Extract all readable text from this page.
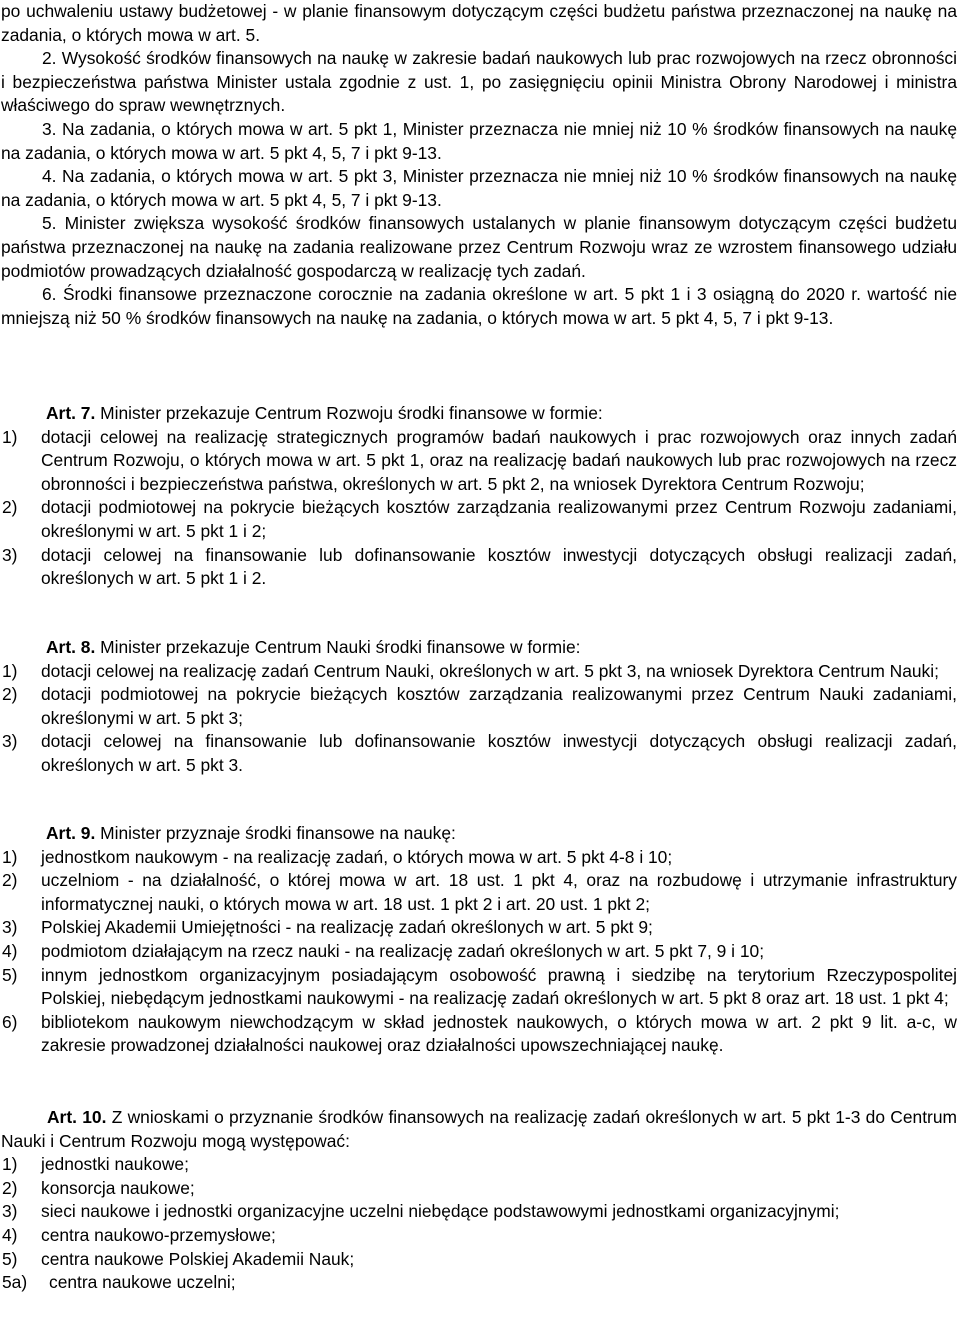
po uchwaleniu ustawy budżetowej - w planie finansowym dotyczącym części budżetu państwa przeznaczonej na naukę na zadania, o których mowa w art. 5.

2. Wysokość środków finansowych na naukę w zakresie badań naukowych lub prac rozwojowych na rzecz obronności i bezpieczeństwa państwa Minister ustala zgodnie z ust. 1, po zasięgnięciu opinii Ministra Obrony Narodowej i ministra właściwego do spraw wewnętrznych.

3. Na zadania, o których mowa w art. 5 pkt 1, Minister przeznacza nie mniej niż 10 % środków finansowych na naukę na zadania, o których mowa w art. 5 pkt 4, 5, 7 i pkt 9-13.

4. Na zadania, o których mowa w art. 5 pkt 3, Minister przeznacza nie mniej niż 10 % środków finansowych na naukę na zadania, o których mowa w art. 5 pkt 4, 5, 7 i pkt 9-13.

5. Minister zwiększa wysokość środków finansowych ustalanych w planie finansowym dotyczącym części budżetu państwa przeznaczonej na naukę na zadania realizowane przez Centrum Rozwoju wraz ze wzrostem finansowego udziału podmiotów prowadzących działalność gospodarczą w realizację tych zadań.

6. Środki finansowe przeznaczone corocznie na zadania określone w art. 5 pkt 1 i 3 osiągną do 2020 r. wartość nie mniejszą niż 50 % środków finansowych na naukę na zadania, o których mowa w art. 5 pkt 4, 5, 7 i pkt 9-13.

Art. 7. Minister przekazuje Centrum Rozwoju środki finansowe w formie:

1)	dotacji celowej na realizację strategicznych programów badań naukowych i prac rozwojowych oraz innych zadań Centrum Rozwoju, o których mowa w art. 5 pkt 1, oraz na realizację badań naukowych lub prac rozwojowych na rzecz obronności i bezpieczeństwa państwa, określonych w art. 5 pkt 2, na wniosek Dyrektora Centrum Rozwoju;
2)	dotacji podmiotowej na pokrycie bieżących kosztów zarządzania realizowanymi przez Centrum Rozwoju zadaniami, określonymi w art. 5 pkt 1 i 2;
3)	dotacji celowej na finansowanie lub dofinansowanie kosztów inwestycji dotyczących obsługi realizacji zadań, określonych w art. 5 pkt 1 i 2.

Art. 8. Minister przekazuje Centrum Nauki środki finansowe w formie:

1)	dotacji celowej na realizację zadań Centrum Nauki, określonych w art. 5 pkt 3, na wniosek Dyrektora Centrum Nauki;
2)	dotacji podmiotowej na pokrycie bieżących kosztów zarządzania realizowanymi przez Centrum Nauki zadaniami, określonymi w art. 5 pkt 3;
3)	dotacji celowej na finansowanie lub dofinansowanie kosztów inwestycji dotyczących obsługi realizacji zadań, określonych w art. 5 pkt 3.

Art. 9. Minister przyznaje środki finansowe na naukę:

1)	jednostkom naukowym - na realizację zadań, o których mowa w art. 5 pkt 4-8 i 10;
2)	uczelniom - na działalność, o której mowa w art. 18 ust. 1 pkt 4, oraz na rozbudowę i utrzymanie infrastruktury informatycznej nauki, o których mowa w art. 18 ust. 1 pkt 2 i art. 20 ust. 1 pkt 2;
3)	Polskiej Akademii Umiejętności - na realizację zadań określonych w art. 5 pkt 9;
4)	podmiotom działającym na rzecz nauki - na realizację zadań określonych w art. 5 pkt 7, 9 i 10;
5)	innym jednostkom organizacyjnym posiadającym osobowość prawną i siedzibę na terytorium Rzeczypospolitej Polskiej, niebędącym jednostkami naukowymi - na realizację zadań określonych w art. 5 pkt 8 oraz art. 18 ust. 1 pkt 4;
6)	bibliotekom naukowym niewchodzącym w skład jednostek naukowych, o których mowa w art. 2 pkt 9 lit. a-c, w zakresie prowadzonej działalności naukowej oraz działalności upowszechniającej naukę.

Art. 10. Z wnioskami o przyznanie środków finansowych na realizację zadań określonych w art. 5 pkt 1-3 do Centrum Nauki i Centrum Rozwoju mogą występować:

1)	jednostki naukowe;
2)	konsorcja naukowe;
3)	sieci naukowe i jednostki organizacyjne uczelni niebędące podstawowymi jednostkami organizacyjnymi;
4)	centra naukowo-przemysłowe;
5)	centra naukowe Polskiej Akademii Nauk;
5a)	centra naukowe uczelni;
